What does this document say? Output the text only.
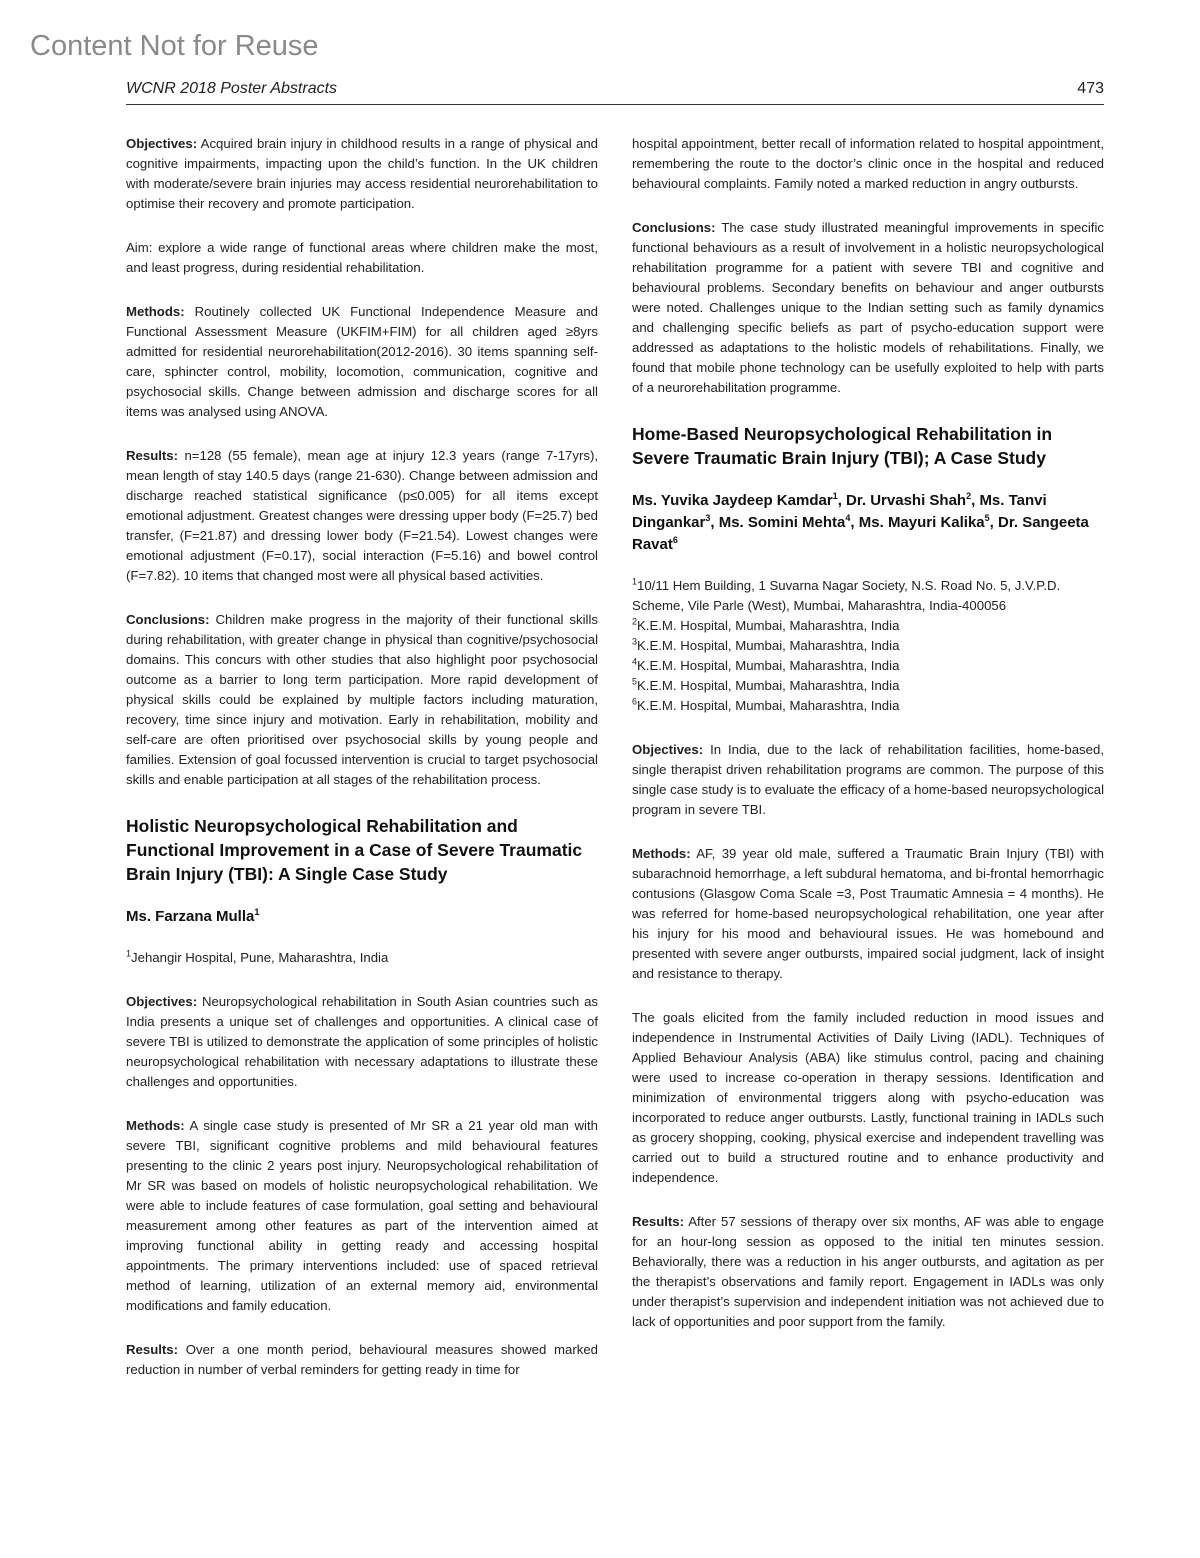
Content Not for Reuse
WCNR 2018 Poster Abstracts	473

Objectives: Acquired brain injury in childhood results in a range of physical and cognitive impairments, impacting upon the child’s function. In the UK children with moderate/severe brain injuries may access residential neurorehabilitation to optimise their recovery and promote participation.

Aim: explore a wide range of functional areas where children make the most, and least progress, during residential rehabilitation.

Methods: Routinely collected UK Functional Independence Measure and Functional Assessment Measure (UKFIM+FIM) for all children aged ≥8yrs admitted for residential neurorehabilitation(2012-2016). 30 items spanning self-care, sphincter control, mobility, locomotion, communication, cognitive and psychosocial skills. Change between admission and discharge scores for all items was analysed using ANOVA.

Results: n=128 (55 female), mean age at injury 12.3 years (range 7-17yrs), mean length of stay 140.5 days (range 21-630). Change between admission and discharge reached statistical significance (p≤0.005) for all items except emotional adjustment. Greatest changes were dressing upper body (F=25.7) bed transfer, (F=21.87) and dressing lower body (F=21.54). Lowest changes were emotional adjustment (F=0.17), social interaction (F=5.16) and bowel control (F=7.82). 10 items that changed most were all physical based activities.

Conclusions: Children make progress in the majority of their functional skills during rehabilitation, with greater change in physical than cognitive/psychosocial domains. This concurs with other studies that also highlight poor psychosocial outcome as a barrier to long term participation. More rapid development of physical skills could be explained by multiple factors including maturation, recovery, time since injury and motivation. Early in rehabilitation, mobility and self-care are often prioritised over psychosocial skills by young people and families. Extension of goal focussed intervention is crucial to target psychosocial skills and enable participation at all stages of the rehabilitation process.

Holistic Neuropsychological Rehabilitation and Functional Improvement in a Case of Severe Traumatic Brain Injury (TBI): A Single Case Study
Ms. Farzana Mulla$^1$
$^1$Jehangir Hospital, Pune, Maharashtra, India

Objectives: Neuropsychological rehabilitation in South Asian countries such as India presents a unique set of challenges and opportunities. A clinical case of severe TBI is utilized to demonstrate the application of some principles of holistic neuropsychological rehabilitation with necessary adaptations to illustrate these challenges and opportunities.

Methods: A single case study is presented of Mr SR a 21 year old man with severe TBI, significant cognitive problems and mild behavioural features presenting to the clinic 2 years post injury. Neuropsychological rehabilitation of Mr SR was based on models of holistic neuropsychological rehabilitation. We were able to include features of case formulation, goal setting and behavioural measurement among other features as part of the intervention aimed at improving functional ability in getting ready and accessing hospital appointments. The primary interventions included: use of spaced retrieval method of learning, utilization of an external memory aid, environmental modifications and family education.

Results: Over a one month period, behavioural measures showed marked reduction in number of verbal reminders for getting ready in time for

hospital appointment, better recall of information related to hospital appointment, remembering the route to the doctor’s clinic once in the hospital and reduced behavioural complaints. Family noted a marked reduction in angry outbursts.

Conclusions: The case study illustrated meaningful improvements in specific functional behaviours as a result of involvement in a holistic neuropsychological rehabilitation programme for a patient with severe TBI and cognitive and behavioural problems. Secondary benefits on behaviour and anger outbursts were noted. Challenges unique to the Indian setting such as family dynamics and challenging specific beliefs as part of psycho-education support were addressed as adaptations to the holistic models of rehabilitations. Finally, we found that mobile phone technology can be usefully exploited to help with parts of a neurorehabilitation programme.

Home-Based Neuropsychological Rehabilitation in Severe Traumatic Brain Injury (TBI); A Case Study
Ms. Yuvika Jaydeep Kamdar$^1$, Dr. Urvashi Shah$^2$, Ms. Tanvi Dingankar$^3$, Ms. Somini Mehta$^4$, Ms. Mayuri Kalika$^5$, Dr. Sangeeta Ravat$^6$
$^1$10/11 Hem Building, 1 Suvarna Nagar Society, N.S. Road No. 5, J.V.P.D. Scheme, Vile Parle (West), Mumbai, Maharashtra, India-400056
$^2$K.E.M. Hospital, Mumbai, Maharashtra, India
$^3$K.E.M. Hospital, Mumbai, Maharashtra, India
$^4$K.E.M. Hospital, Mumbai, Maharashtra, India
$^5$K.E.M. Hospital, Mumbai, Maharashtra, India
$^6$K.E.M. Hospital, Mumbai, Maharashtra, India

Objectives: In India, due to the lack of rehabilitation facilities, home-based, single therapist driven rehabilitation programs are common. The purpose of this single case study is to evaluate the efficacy of a home-based neuropsychological program in severe TBI.

Methods: AF, 39 year old male, suffered a Traumatic Brain Injury (TBI) with subarachnoid hemorrhage, a left subdural hematoma, and bi-frontal hemorrhagic contusions (Glasgow Coma Scale =3, Post Traumatic Amnesia = 4 months). He was referred for home-based neuropsychological rehabilitation, one year after his injury for his mood and behavioural issues. He was homebound and presented with severe anger outbursts, impaired social judgment, lack of insight and resistance to therapy.

The goals elicited from the family included reduction in mood issues and independence in Instrumental Activities of Daily Living (IADL). Techniques of Applied Behaviour Analysis (ABA) like stimulus control, pacing and chaining were used to increase co-operation in therapy sessions. Identification and minimization of environmental triggers along with psycho-education was incorporated to reduce anger outbursts. Lastly, functional training in IADLs such as grocery shopping, cooking, physical exercise and independent travelling was carried out to build a structured routine and to enhance productivity and independence.

Results: After 57 sessions of therapy over six months, AF was able to engage for an hour-long session as opposed to the initial ten minutes session. Behaviorally, there was a reduction in his anger outbursts, and agitation as per the therapist’s observations and family report. Engagement in IADLs was only under therapist’s supervision and independent initiation was not achieved due to lack of opportunities and poor support from the family.
